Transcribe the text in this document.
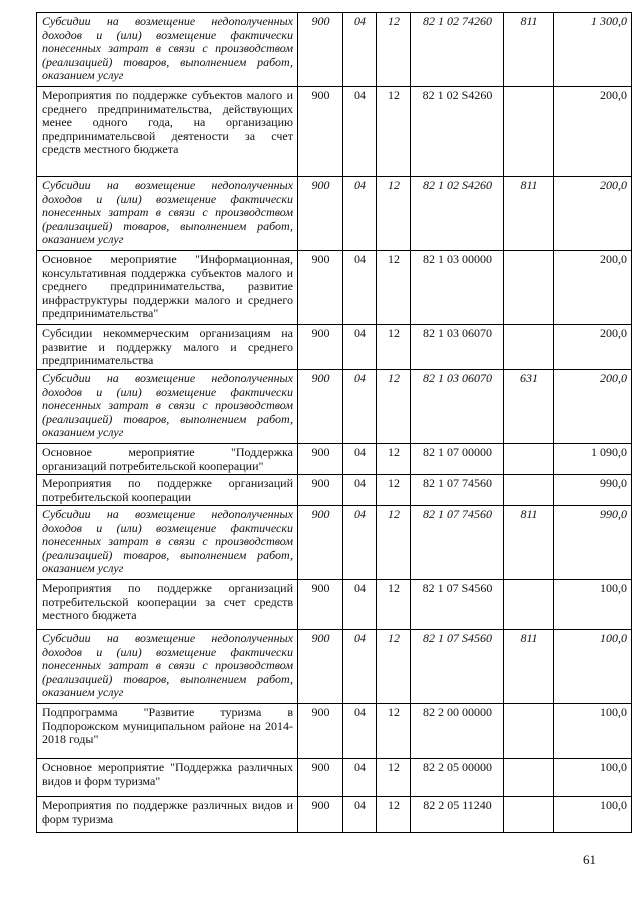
Субсидии на возмещение недополученных доходов и (или) возмещение фактически понесенных затрат в связи с производством (реализацией) товаров, выполнением работ, оказанием услуг	900	04	12	82 1 02 74260	811	1 300,0
Мероприятия по поддержке субъектов малого и среднего предпринимательства, действующих менее одного года, на организацию предпринимательсвой деятености за счет средств местного бюджета	900	04	12	82 1 02 S4260		200,0
Субсидии на возмещение недополученных доходов и (или) возмещение фактически понесенных затрат в связи с производством (реализацией) товаров, выполнением работ, оказанием услуг	900	04	12	82 1 02 S4260	811	200,0
Основное мероприятие "Информационная, консультативная поддержка субъектов малого и среднего предпринимательства, развитие инфраструктуры поддержки малого и среднего предпринимательства"	900	04	12	82 1 03 00000		200,0
Субсидии некоммерческим организациям на развитие и поддержку малого и среднего предпринимательства	900	04	12	82 1 03 06070		200,0
Субсидии на возмещение недополученных доходов и (или) возмещение фактически понесенных затрат в связи с производством (реализацией) товаров, выполнением работ, оказанием услуг	900	04	12	82 1 03 06070	631	200,0
Основное мероприятие "Поддержка организаций потребительской кооперации"	900	04	12	82 1 07 00000		1 090,0
Мероприятия по поддержке организаций потребительской кооперации	900	04	12	82 1 07 74560		990,0
Субсидии на возмещение недополученных доходов и (или) возмещение фактически понесенных затрат в связи с производством (реализацией) товаров, выполнением работ, оказанием услуг	900	04	12	82 1 07 74560	811	990,0
Мероприятия по поддержке организаций потребительской кооперации за счет средств местного бюджета	900	04	12	82 1 07 S4560		100,0
Субсидии на возмещение недополученных доходов и (или) возмещение фактически понесенных затрат в связи с производством (реализацией) товаров, выполнением работ, оказанием услуг	900	04	12	82 1 07 S4560	811	100,0
Подпрограмма "Развитие туризма в Подпорожском муниципальном районе на 2014-2018 годы"	900	04	12	82 2 00 00000		100,0
Основное мероприятие "Поддержка различных видов и форм туризма"	900	04	12	82 2 05 00000		100,0
Мероприятия по поддержке различных видов и форм туризма	900	04	12	82 2 05 11240		100,0
61
